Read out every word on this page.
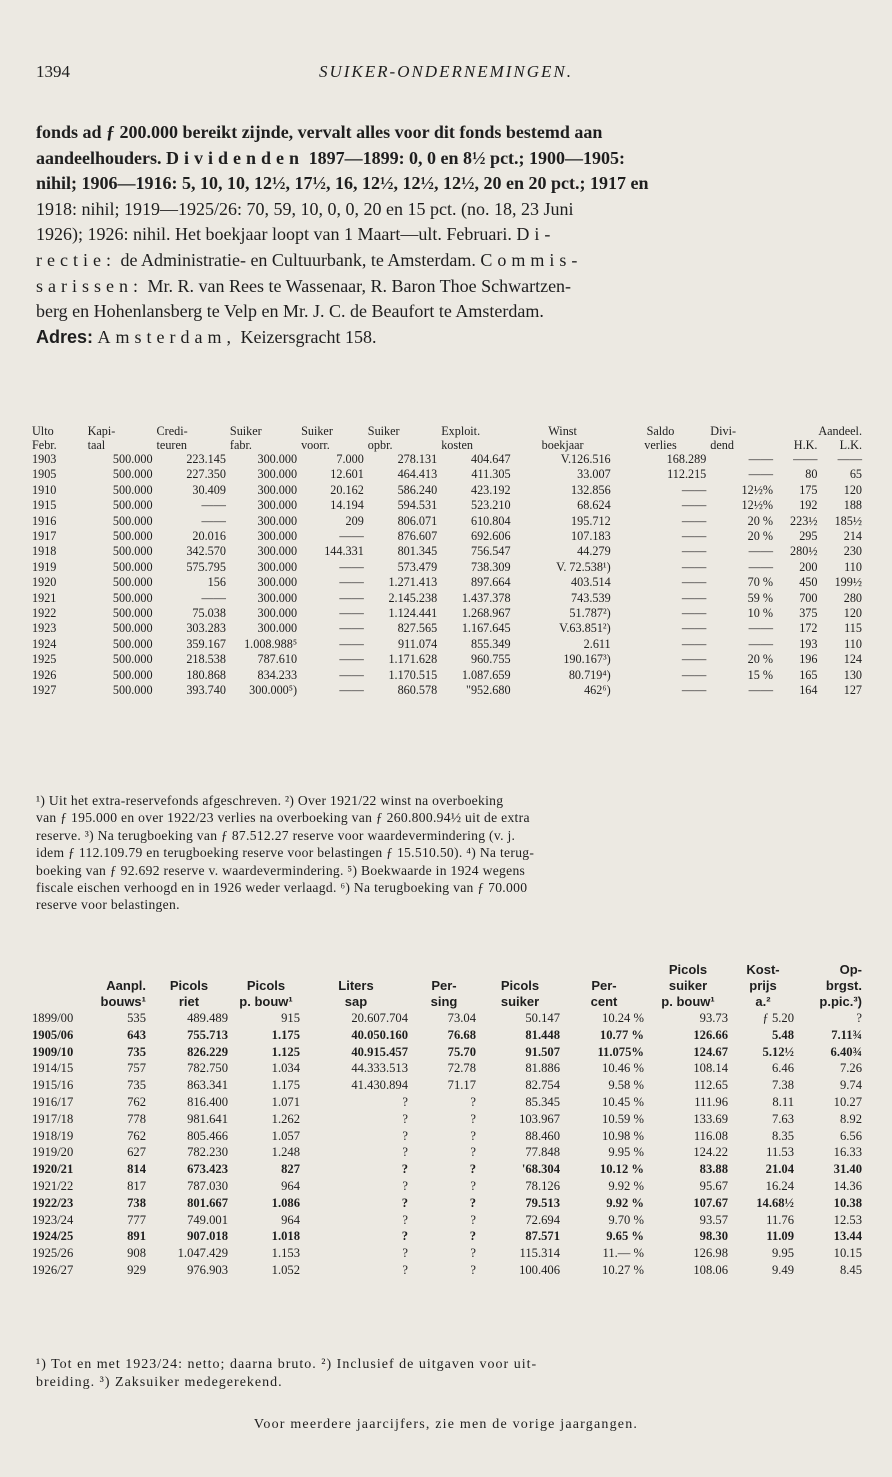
1394	SUIKER-ONDERNEMINGEN.
fonds ad ƒ 200.000 bereikt zijnde, vervalt alles voor dit fonds bestemd aan
aandeelhouders. Dividenden 1897—1899: 0, 0 en 8½ pct.; 1900—1905:
nihil; 1906—1916: 5, 10, 10, 12½, 17½, 16, 12½, 12½, 12½, 20 en 20 pct.; 1917 en
1918: nihil; 1919—1925/26: 70, 59, 10, 0, 0, 20 en 15 pct. (no. 18, 23 Juni
1926); 1926: nihil. Het boekjaar loopt van 1 Maart—ult. Februari. Di-
rectie: de Administratie- en Cultuurbank, te Amsterdam. Commis-
sarissen: Mr. R. van Rees te Wassenaar, R. Baron Thoe Schwartzen-
berg en Hohenlansberg te Velp en Mr. J. C. de Beaufort te Amsterdam.
Adres: Amsterdam, Keizersgracht 158.
Ulto	Kapi-	Credi-	Suiker	Suiker	Suiker	Exploit.	Winst	Saldo	Divi-	Aandeel.	
Febr.	taal	teuren	fabr.	voorr.	opbr.	kosten	boekjaar	verlies	dend	H.K.	L.K.
1903	500.000	223.145	300.000	7.000	278.131	404.647	V.126.516	168.289	——	——	——
1905	500.000	227.350	300.000	12.601	464.413	411.305	33.007	112.215	——	80	65
1910	500.000	30.409	300.000	20.162	586.240	423.192	132.856	——	12½%	175	120
1915	500.000	——	300.000	14.194	594.531	523.210	68.624	——	12½%	192	188
1916	500.000	——	300.000	209	806.071	610.804	195.712	——	20 %	223½	185½
1917	500.000	20.016	300.000	——	876.607	692.606	107.183	——	20 %	295	214
1918	500.000	342.570	300.000	144.331	801.345	756.547	44.279	——	——	280½	230
1919	500.000	575.795	300.000	——	573.479	738.309	V. 72.538¹)	——	——	200	110
1920	500.000	156	300.000	——	1.271.413	897.664	403.514	——	70 %	450	199½
1921	500.000	——	300.000	——	2.145.238	1.437.378	743.539	——	59 %	700	280
1922	500.000	75.038	300.000	——	1.124.441	1.268.967	51.787²)	——	10 %	375	120
1923	500.000	303.283	300.000	——	827.565	1.167.645	V.63.851²)	——	——	172	115
1924	500.000	359.167	1.008.988⁵	——	911.074	855.349	2.611	——	——	193	110
1925	500.000	218.538	787.610	——	1.171.628	960.755	190.167³)	——	20 %	196	124
1926	500.000	180.868	834.233	——	1.170.515	1.087.659	80.719⁴)	——	15 %	165	130
1927	500.000	393.740	300.000⁵)	——	860.578	"952.680	462⁶)	——	——	164	127
¹) Uit het extra-reservefonds afgeschreven. ²) Over 1921/22 winst na overboeking
van ƒ 195.000 en over 1922/23 verlies na overboeking van ƒ 260.800.94½ uit de extra
reserve. ³) Na terugboeking van ƒ 87.512.27 reserve voor waardevermindering (v. j.
idem ƒ 112.109.79 en terugboeking reserve voor belastingen ƒ 15.510.50). ⁴) Na terug-
boeking van ƒ 92.692 reserve v. waardevermindering. ⁵) Boekwaarde in 1924 wegens
fiscale eischen verhoogd en in 1926 weder verlaagd. ⁶) Na terugboeking van ƒ 70.000
reserve voor belastingen.
								Picols	Kost-	Op-
	Aanpl.	Picols	Picols	Liters	Per-	Picols	Per-	suiker	prijs	brgst.
	bouws¹	riet	p. bouw¹	sap	sing	suiker	cent	p. bouw¹	a.²	p.pic.³)
1899/00	535	489.489	915	20.607.704	73.04	50.147	10.24 %	93.73	ƒ 5.20	?
1905/06	643	755.713	1.175	40.050.160	76.68	81.448	10.77 %	126.66	5.48	7.11¾
1909/10	735	826.229	1.125	40.915.457	75.70	91.507	11.075%	124.67	5.12½	6.40¾
1914/15	757	782.750	1.034	44.333.513	72.78	81.886	10.46 %	108.14	6.46	7.26
1915/16	735	863.341	1.175	41.430.894	71.17	82.754	9.58 %	112.65	7.38	9.74
1916/17	762	816.400	1.071	?	?	85.345	10.45 %	111.96	8.11	10.27
1917/18	778	981.641	1.262	?	?	103.967	10.59 %	133.69	7.63	8.92
1918/19	762	805.466	1.057	?	?	88.460	10.98 %	116.08	8.35	6.56
1919/20	627	782.230	1.248	?	?	77.848	9.95 %	124.22	11.53	16.33
1920/21	814	673.423	827	?	?	'68.304	10.12 %	83.88	21.04	31.40
1921/22	817	787.030	964	?	?	78.126	9.92 %	95.67	16.24	14.36
1922/23	738	801.667	1.086	?	?	79.513	9.92 %	107.67	14.68½	10.38
1923/24	777	749.001	964	?	?	72.694	9.70 %	93.57	11.76	12.53
1924/25	891	907.018	1.018	?	?	87.571	9.65 %	98.30	11.09	13.44
1925/26	908	1.047.429	1.153	?	?	115.314	11.— %	126.98	9.95	10.15
1926/27	929	976.903	1.052	?	?	100.406	10.27 %	108.06	9.49	8.45
¹) Tot en met 1923/24: netto; daarna bruto. ²) Inclusief de uitgaven voor uit-
breiding. ³) Zaksuiker medegerekend.
Voor meerdere jaarcijfers, zie men de vorige jaargangen.
